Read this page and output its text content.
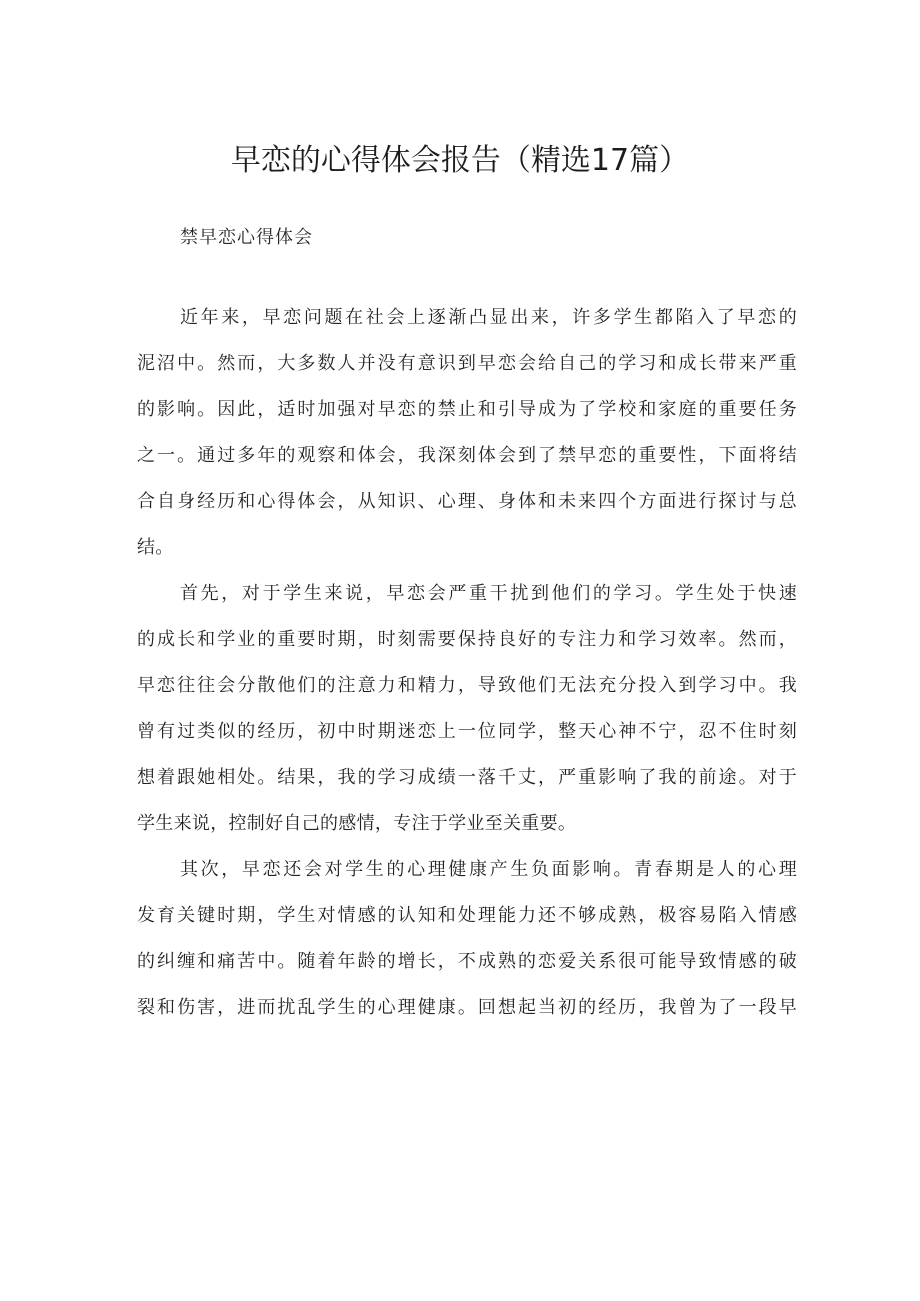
早恋的心得体会报告（精选17篇）
禁早恋心得体会
近年来，早恋问题在社会上逐渐凸显出来，许多学生都陷入了早恋的
泥沼中。然而，大多数人并没有意识到早恋会给自己的学习和成长带来严重
的影响。因此，适时加强对早恋的禁止和引导成为了学校和家庭的重要任务
之一。通过多年的观察和体会，我深刻体会到了禁早恋的重要性，下面将结
合自身经历和心得体会，从知识、心理、身体和未来四个方面进行探讨与总
结。
首先，对于学生来说，早恋会严重干扰到他们的学习。学生处于快速
的成长和学业的重要时期，时刻需要保持良好的专注力和学习效率。然而，
早恋往往会分散他们的注意力和精力，导致他们无法充分投入到学习中。我
曾有过类似的经历，初中时期迷恋上一位同学，整天心神不宁，忍不住时刻
想着跟她相处。结果，我的学习成绩一落千丈，严重影响了我的前途。对于
学生来说，控制好自己的感情，专注于学业至关重要。
其次，早恋还会对学生的心理健康产生负面影响。青春期是人的心理
发育关键时期，学生对情感的认知和处理能力还不够成熟，极容易陷入情感
的纠缠和痛苦中。随着年龄的增长，不成熟的恋爱关系很可能导致情感的破
裂和伤害，进而扰乱学生的心理健康。回想起当初的经历，我曾为了一段早
